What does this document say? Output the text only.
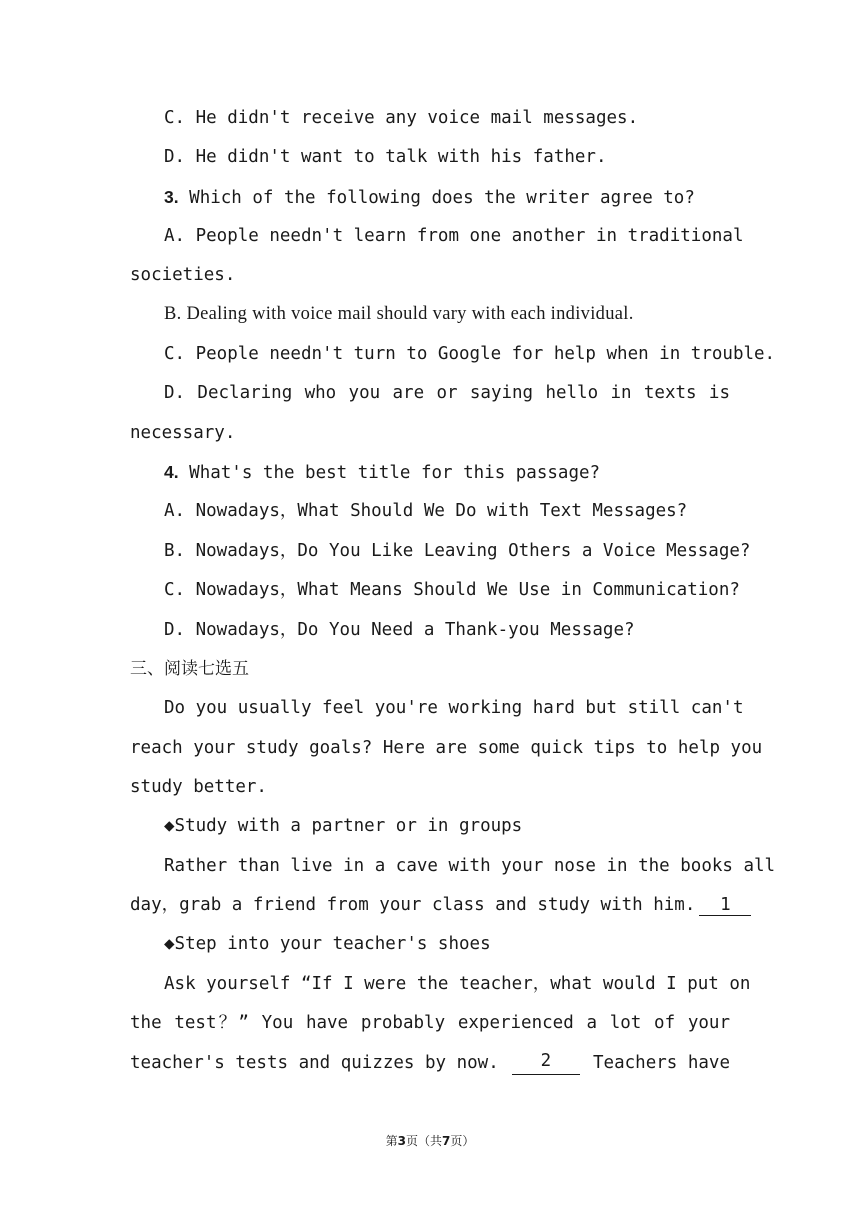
C. He didn't receive any voice mail messages.
D. He didn't want to talk with his father.
3. Which of the following does the writer agree to?
A. People needn't learn from one another in traditional
societies.
B. Dealing with voice mail should vary with each individual.
C. People needn't turn to Google for help when in trouble.
D. Declaring who you are or saying hello in texts is
necessary.
4. What's the best title for this passage?
A. Nowadays，What Should We Do with Text Messages?
B. Nowadays，Do You Like Leaving Others a Voice Message?
C. Nowadays，What Means Should We Use in Communication?
D. Nowadays，Do You Need a Thank-you Message?
三、阅读七选五
Do you usually feel you're working hard but still can't
reach your study goals? Here are some quick tips to help you
study better.
◆Study with a partner or in groups
Rather than live in a cave with your nose in the books all
day，grab a friend from your class and study with him. 1
◆Step into your teacher's shoes
Ask yourself “If I were the teacher，what would I put on
the test？” You have probably experienced a lot of your
teacher's tests and quizzes by now.	2	Teachers have
第3页（共7页）
